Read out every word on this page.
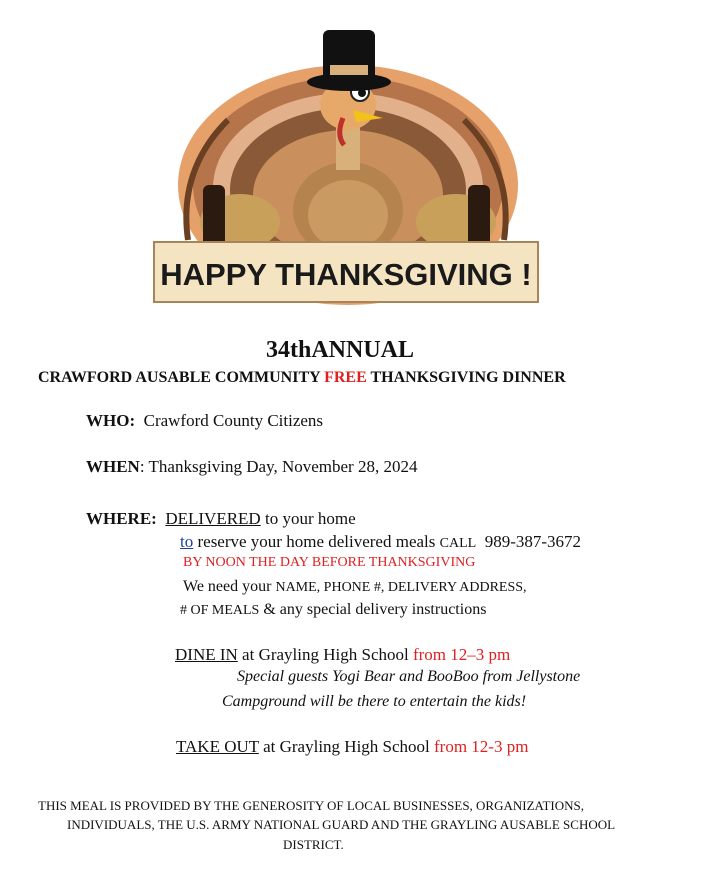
HAPPY THANKSGIVING !
34thANNUAL
CRAWFORD AUSABLE COMMUNITY FREE THANKSGIVING DINNER
WHO: Crawford County Citizens
WHEN: Thanksgiving Day, November 28, 2024
WHERE: DELIVERED to your home
to reserve your home delivered meals CALL 989-387-3672
BY NOON THE DAY BEFORE THANKSGIVING
We need your NAME, PHONE #, DELIVERY ADDRESS,
# OF MEALS & any special delivery instructions
DINE IN at Grayling High School from 12–3 pm
Special guests Yogi Bear and BooBoo from Jellystone
Campground will be there to entertain the kids!
TAKE OUT at Grayling High School from 12-3 pm
THIS MEAL IS PROVIDED BY THE GENEROSITY OF LOCAL BUSINESSES, ORGANIZATIONS,
INDIVIDUALS, THE U.S. ARMY NATIONAL GUARD AND THE GRAYLING AUSABLE SCHOOL
DISTRICT.
